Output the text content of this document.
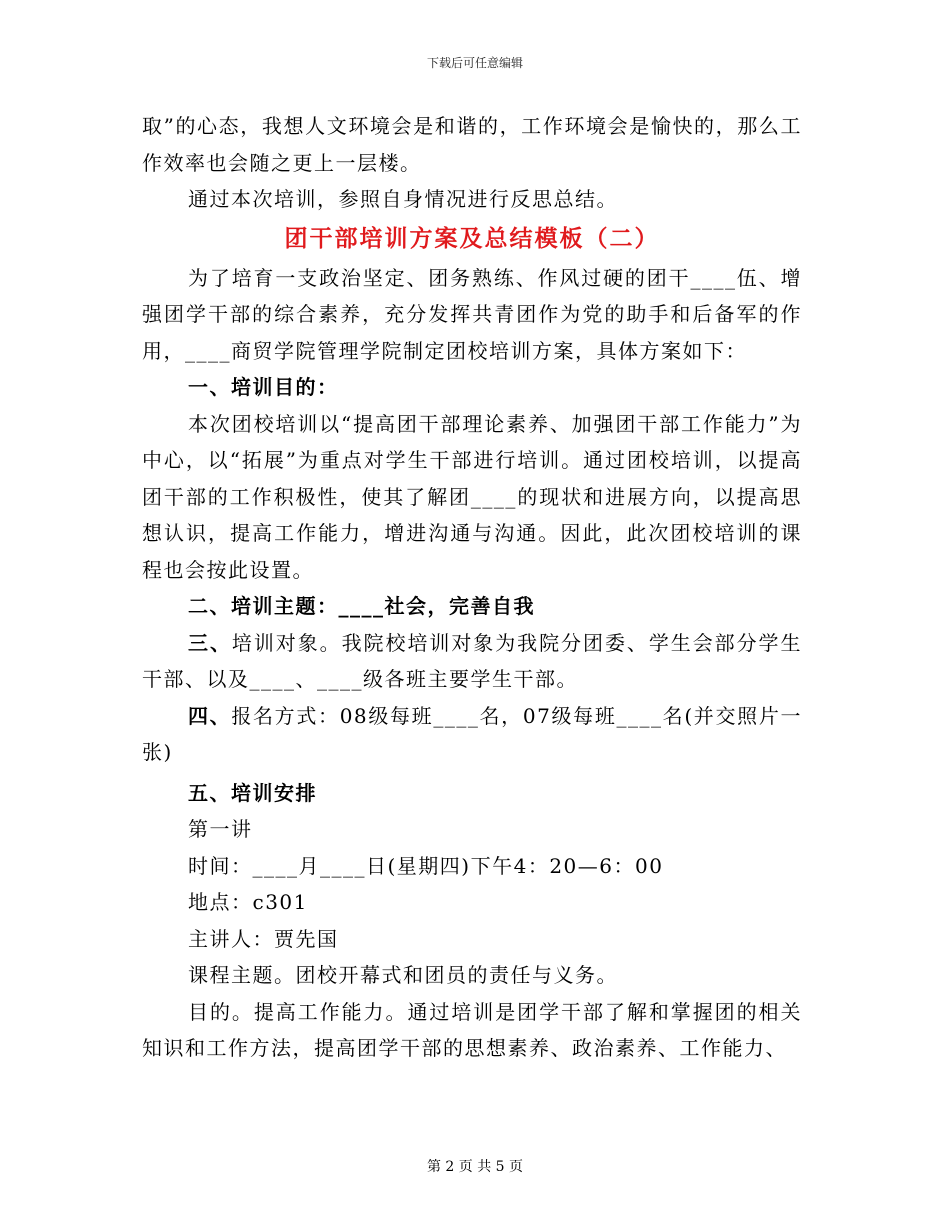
下载后可任意编辑

取”的心态，我想人文环境会是和谐的，工作环境会是愉快的，那么工作效率也会随之更上一层楼。

通过本次培训，参照自身情况进行反思总结。

团干部培训方案及总结模板（二）

为了培育一支政治坚定、团务熟练、作风过硬的团干____伍、增强团学干部的综合素养，充分发挥共青团作为党的助手和后备军的作用，____商贸学院管理学院制定团校培训方案，具体方案如下：

一、培训目的：

本次团校培训以“提高团干部理论素养、加强团干部工作能力”为中心，以“拓展”为重点对学生干部进行培训。通过团校培训，以提高团干部的工作积极性，使其了解团____的现状和进展方向，以提高思想认识，提高工作能力，增进沟通与沟通。因此，此次团校培训的课程也会按此设置。

二、培训主题：____社会，完善自我

三、培训对象。我院校培训对象为我院分团委、学生会部分学生干部、以及____、____级各班主要学生干部。

四、报名方式：08级每班____名，07级每班____名(并交照片一张)

五、培训安排

第一讲

时间：____月____日(星期四)下午4：20—6：00

地点：c301

主讲人：贾先国

课程主题。团校开幕式和团员的责任与义务。

目的。提高工作能力。通过培训是团学干部了解和掌握团的相关知识和工作方法，提高团学干部的思想素养、政治素养、工作能力、

第 2 页 共 5 页
